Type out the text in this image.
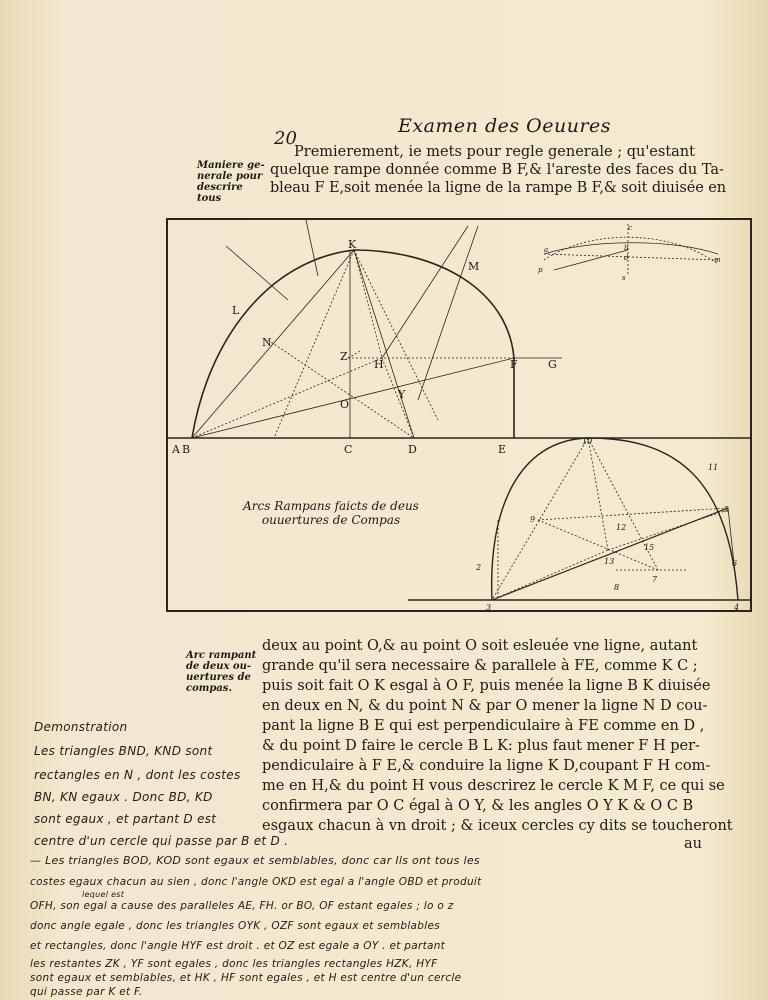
20
Examen des Oeuures
Maniere ge-
nerale pour
descrire tous
Premierement, ie mets pour regle generale ; qu'estant
quelque rampe donnée comme B F,& l'areste des faces du Ta-
bleau F E,soit menée la ligne de la rampe B F,& soit diuisée en
K
M
L
N
Z
H	F	G
O
Y
A B	C	D	E
10
11
5
9
12
15
13
7
8
2	6
3	4
a	b
c
d	m
p
s
Arcs Rampans faicts de deus
ouuertures de Compas
Arc rampant
de deux ou-
uertures de
compas.
deux au point O,& au point O soit esleuée vne ligne, autant
grande qu'il sera necessaire & parallele à FE, comme K C ;
puis soit fait O K esgal à O F, puis menée la ligne B K diuisée
en deux en N, & du point N & par O mener la ligne N D cou-
pant la ligne B E qui est perpendiculaire à FE comme en D ,
& du point D faire le cercle B L K: plus faut mener F H per-
pendiculaire à F E,& conduire la ligne K D,coupant F H com-
me en H,& du point H vous descrirez le cercle K M F, ce qui se
confirmera par O C égal à O Y, & les angles O Y K & O C B
esgaux chacun à vn droit ; & iceux cercles cy dits se toucheront
au
Demonstration
Les triangles BND, KND sont
rectangles en N , dont les costes
BN, KN egaux . Donc BD, KD
sont egaux , et partant D est
centre d'un cercle qui passe par B et D .
— Les triangles BOD, KOD sont egaux et semblables, donc car Ils ont tous les
costes egaux chacun au sien , donc l'angle OKD est egal a l'angle OBD et produit
lequel est
OFH, son egal a cause des paralleles AE, FH. or BO, OF estant egales ; lo o z
donc angle egale , donc les triangles OYK , OZF sont egaux et semblables
et rectangles, donc l'angle HYF est droit . et OZ est egale a OY . et partant
les restantes ZK , YF sont egales , donc les triangles rectangles HZK, HYF
sont egaux et semblables, et HK , HF sont egales , et H est centre d'un cercle
qui passe par K et F.
